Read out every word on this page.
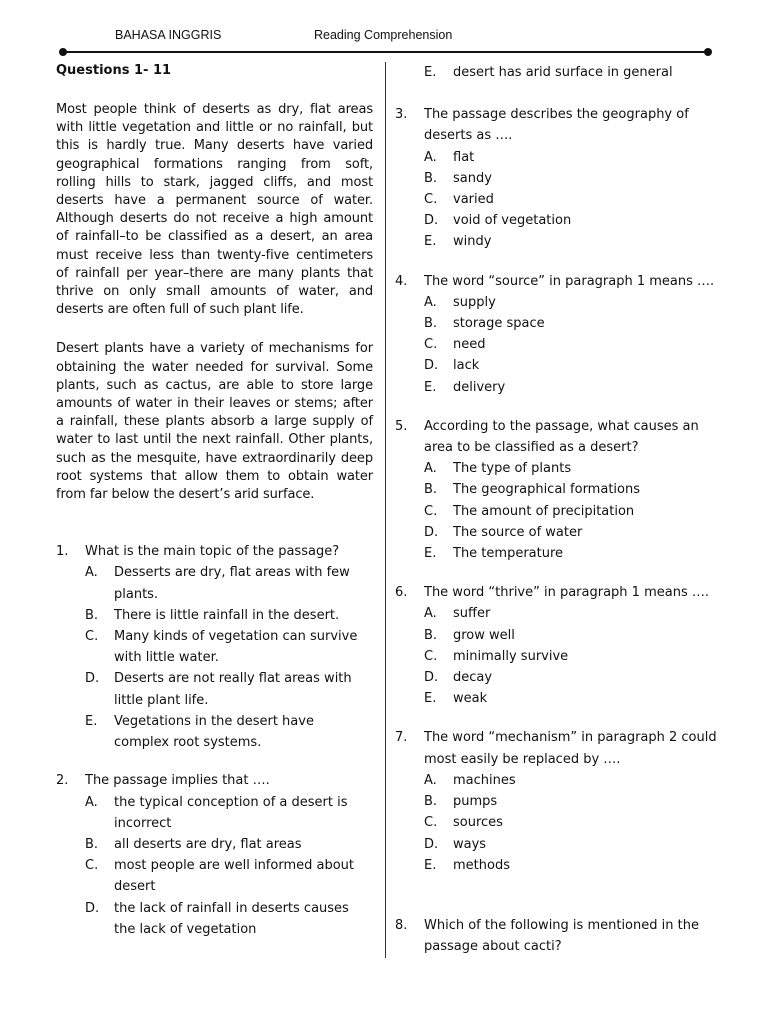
BAHASA INGGRIS	Reading Comprehension
Questions 1- 11

Most people think of deserts as dry, flat areas with little vegetation and little or no rainfall, but this is hardly true. Many deserts have varied geographical formations ranging from soft, rolling hills to stark, jagged cliffs, and most deserts have a permanent source of water. Although deserts do not receive a high amount of rainfall–to be classified as a desert, an area must receive less than twenty-five centimeters of rainfall per year–there are many plants that thrive on only small amounts of water, and deserts are often full of such plant life.

Desert plants have a variety of mechanisms for obtaining the water needed for survival. Some plants, such as cactus, are able to store large amounts of water in their leaves or stems; after a rainfall, these plants absorb a large supply of water to last until the next rainfall. Other plants, such as the mesquite, have extraordinarily deep root systems that allow them to obtain water from far below the desert’s arid surface.

1. What is the main topic of the passage?
A. Desserts are dry, flat areas with few plants.
B. There is little rainfall in the desert.
C. Many kinds of vegetation can survive with little water.
D. Deserts are not really flat areas with little plant life.
E. Vegetations in the desert have complex root systems.
2. The passage implies that ….
A. the typical conception of a desert is incorrect
B. all deserts are dry, flat areas
C. most people are well informed about desert
D. the lack of rainfall in deserts causes the lack of vegetation
E. desert has arid surface in general
3. The passage describes the geography of deserts as ….
A. flat
B. sandy
C. varied
D. void of vegetation
E. windy
4. The word “source” in paragraph 1 means ….
A. supply
B. storage space
C. need
D. lack
E. delivery
5. According to the passage, what causes an area to be classified as a desert?
A. The type of plants
B. The geographical formations
C. The amount of precipitation
D. The source of water
E. The temperature
6. The word “thrive” in paragraph 1 means ….
A. suffer
B. grow well
C. minimally survive
D. decay
E. weak
7. The word “mechanism” in paragraph 2 could most easily be replaced by ….
A. machines
B. pumps
C. sources
D. ways
E. methods
8. Which of the following is mentioned in the passage about cacti?
